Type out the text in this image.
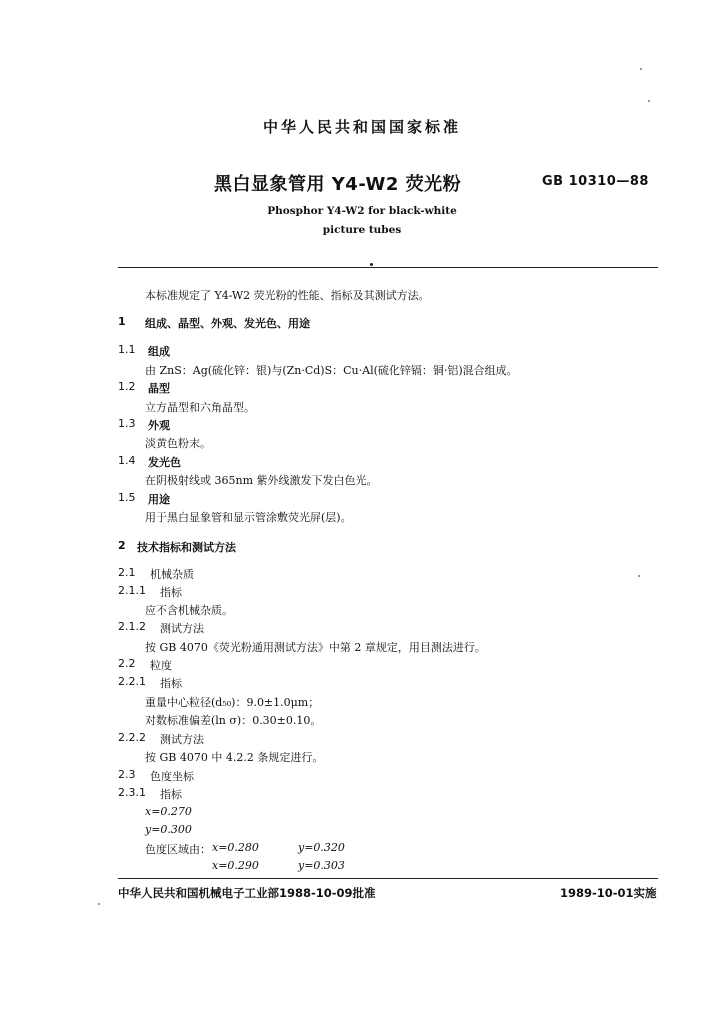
中华人民共和国国家标准
黑白显象管用 Y4-W2 荧光粉	GB 10310—88
Phosphor Y4-W2 for black-white
picture tubes
本标准规定了 Y4-W2 荧光粉的性能、指标及其测试方法。
1 组成、晶型、外观、发光色、用途
1.1 组成
由 ZnS：Ag(硫化锌：银)与(Zn·Cd)S：Cu·Al(硫化锌镉：铜·铝)混合组成。
1.2 晶型
立方晶型和六角晶型。
1.3 外观
淡黄色粉末。
1.4 发光色
在阴极射线或 365nm 紫外线激发下发白色光。
1.5 用途
用于黑白显象管和显示管涂敷荧光屏(层)。
2 技术指标和测试方法
2.1 机械杂质
2.1.1 指标
应不含机械杂质。
2.1.2 测试方法
按 GB 4070《荧光粉通用测试方法》中第 2 章规定，用目测法进行。
2.2 粒度
2.2.1 指标
重量中心粒径(d₅₀)：9.0±1.0μm；
对数标准偏差(ln σ)：0.30±0.10。
2.2.2 测试方法
按 GB 4070 中 4.2.2 条规定进行。
2.3 色度坐标
2.3.1 指标
x=0.270
y=0.300
色度区域由： x=0.280	y=0.320
x=0.290	y=0.303
中华人民共和国机械电子工业部1988-10-09批准	1989-10-01实施
